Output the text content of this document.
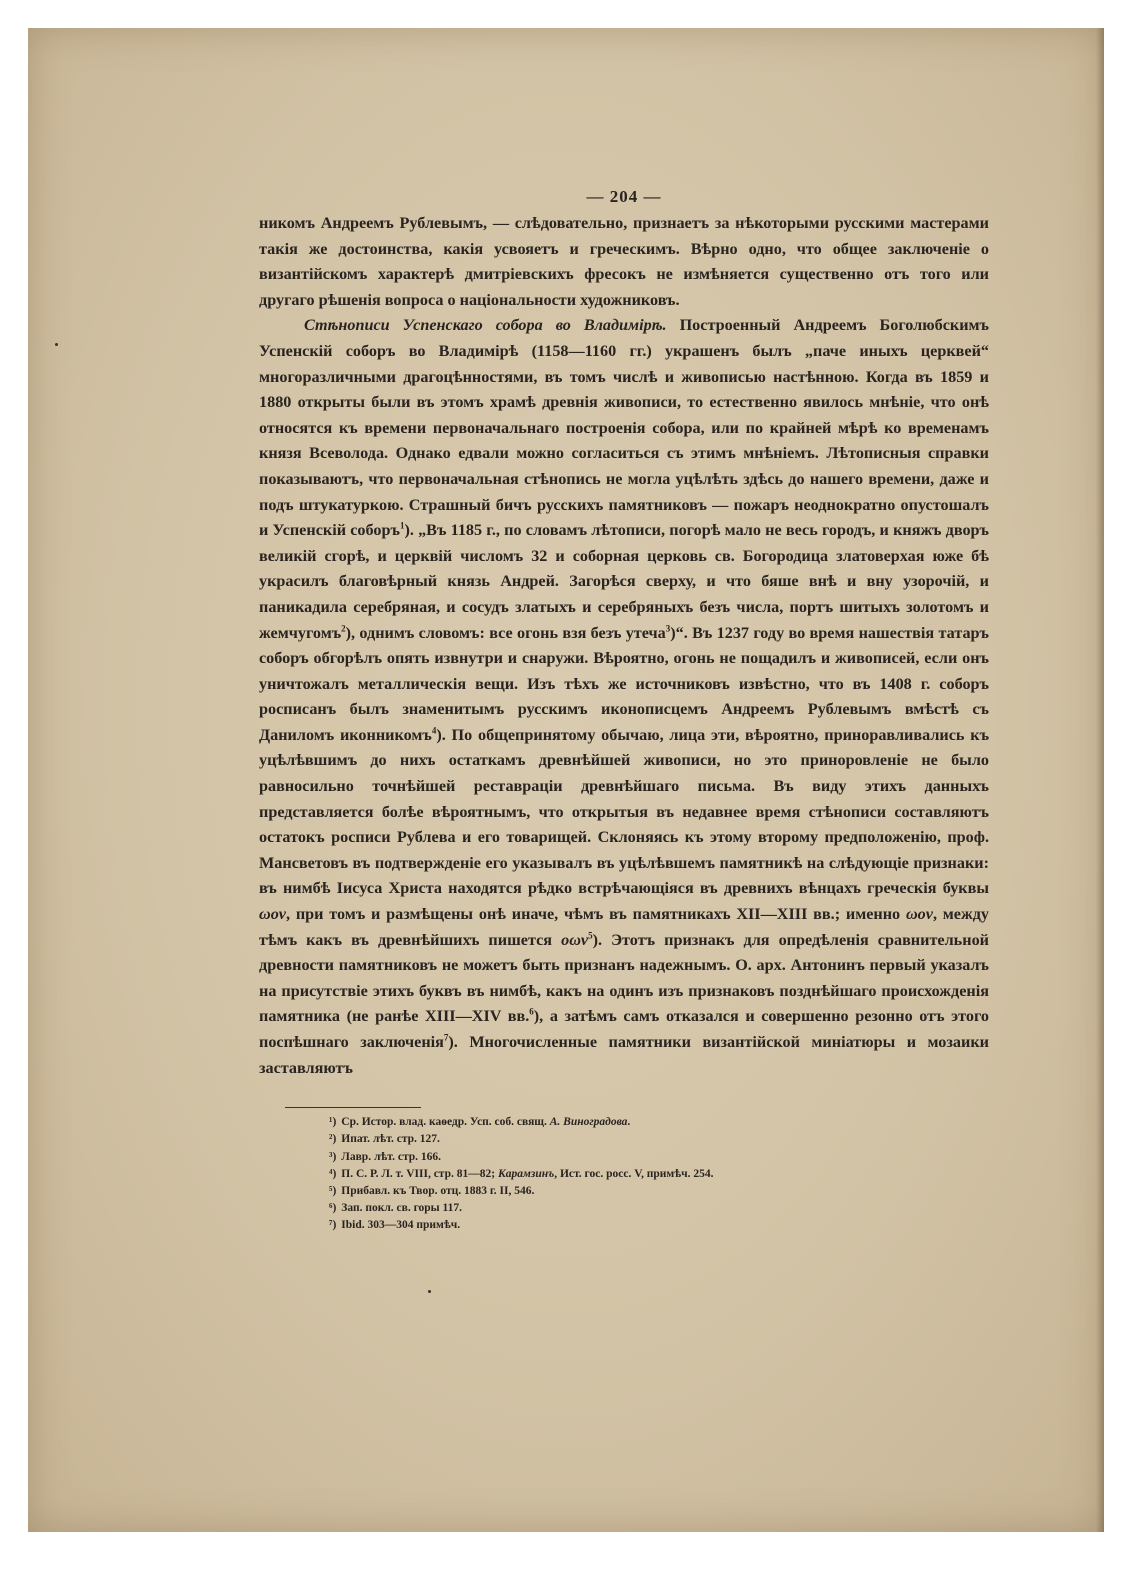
— 204 —

никомъ Андреемъ Рублевымъ, — слѣдовательно, признаетъ за нѣкоторыми русскими мастерами такія же достоинства, какія усвояетъ и греческимъ. Вѣрно одно, что общее заключеніе о византійскомъ характерѣ дмитріевскихъ фресокъ не измѣняется существенно отъ того или другаго рѣшенія вопроса о національности художниковъ.

Стѣнописи Успенскаго собора во Владимірѣ. Построенный Андреемъ Боголюбскимъ Успенскій соборъ во Владимірѣ (1158—1160 гг.) украшенъ былъ „паче иныхъ церквей“ многоразличными драгоцѣнностями, въ томъ числѣ и живописью настѣнною. Когда въ 1859 и 1880 открыты были въ этомъ храмѣ древнія живописи, то естественно явилось мнѣніе, что онѣ относятся къ времени первоначальнаго построенія собора, или по крайней мѣрѣ ко временамъ князя Всеволода. Однако едвали можно согласиться съ этимъ мнѣніемъ. Лѣтописныя справки показываютъ, что первоначальная стѣнопись не могла уцѣлѣть здѣсь до нашего времени, даже и подъ штукатуркою. Страшный бичъ русскихъ памятниковъ — пожаръ неоднократно опустошалъ и Успенскій соборъ$^1$). „Въ 1185 г., по словамъ лѣтописи, погорѣ мало не весь городъ, и княжъ дворъ великій сгорѣ, и церквій числомъ 32 и соборная церковь св. Богородица златоверхая юже бѣ украсилъ благовѣрный князь Андрей. Загорѣся сверху, и что бяше внѣ и вну узорочій, и паникадила серебряная, и сосудъ златыхъ и серебряныхъ безъ числа, портъ шитыхъ золотомъ и жемчугомъ$^2$), однимъ словомъ: все огонь взя безъ утеча$^3$)“. Въ 1237 году во время нашествія татаръ соборъ обгорѣлъ опять извнутри и снаружи. Вѣроятно, огонь не пощадилъ и живописей, если онъ уничтожалъ металлическія вещи. Изъ тѣхъ же источниковъ извѣстно, что въ 1408 г. соборъ росписанъ былъ знаменитымъ русскимъ иконописцемъ Андреемъ Рублевымъ вмѣстѣ съ Даниломъ иконникомъ$^4$). По общепринятому обычаю, лица эти, вѣроятно, приноравливались къ уцѣлѣвшимъ до нихъ остаткамъ древнѣйшей живописи, но это приноровленіе не было равносильно точнѣйшей реставраціи древнѣйшаго письма. Въ виду этихъ данныхъ представляется болѣе вѣроятнымъ, что открытыя въ недавнее время стѣнописи составляютъ остатокъ росписи Рублева и его товарищей. Склоняясь къ этому второму предположенію, проф. Мансветовъ въ подтвержденіе его указывалъ въ уцѣлѣвшемъ памятникѣ на слѣдующіе признаки: въ нимбѣ Іисуса Христа находятся рѣдко встрѣчающіяся въ древнихъ вѣнцахъ греческія буквы ωον, при томъ и размѣщены онѣ иначе, чѣмъ въ памятникахъ XII—XIII вв.; именно ωον, между тѣмъ какъ въ древнѣйшихъ пишется οων$^5$). Этотъ признакъ для опредѣленія сравнительной древности памятниковъ не можетъ быть признанъ надежнымъ. О. арх. Антонинъ первый указалъ на присутствіе этихъ буквъ въ нимбѣ, какъ на одинъ изъ признаковъ позднѣйшаго происхожденія памятника (не ранѣе XIII—XIV вв.$^6$), а затѣмъ самъ отказался и совершенно резонно отъ этого поспѣшнаго заключенія$^7$). Многочисленные памятники византійской миніатюры и мозаики заставляютъ

¹) Ср. Истор. влад. каѳедр. Усп. соб. свящ. А. Виноградова.
²) Ипат. лѣт. стр. 127.
³) Лавр. лѣт. стр. 166.
⁴) П. С. Р. Л. т. VIII, стр. 81—82; Карамзинъ, Ист. гос. росс. V, примѣч. 254.
⁵) Прибавл. къ Твор. отц. 1883 г. II, 546.
⁶) Зап. покл. св. горы 117.
⁷) Ibid. 303—304 примѣч.
